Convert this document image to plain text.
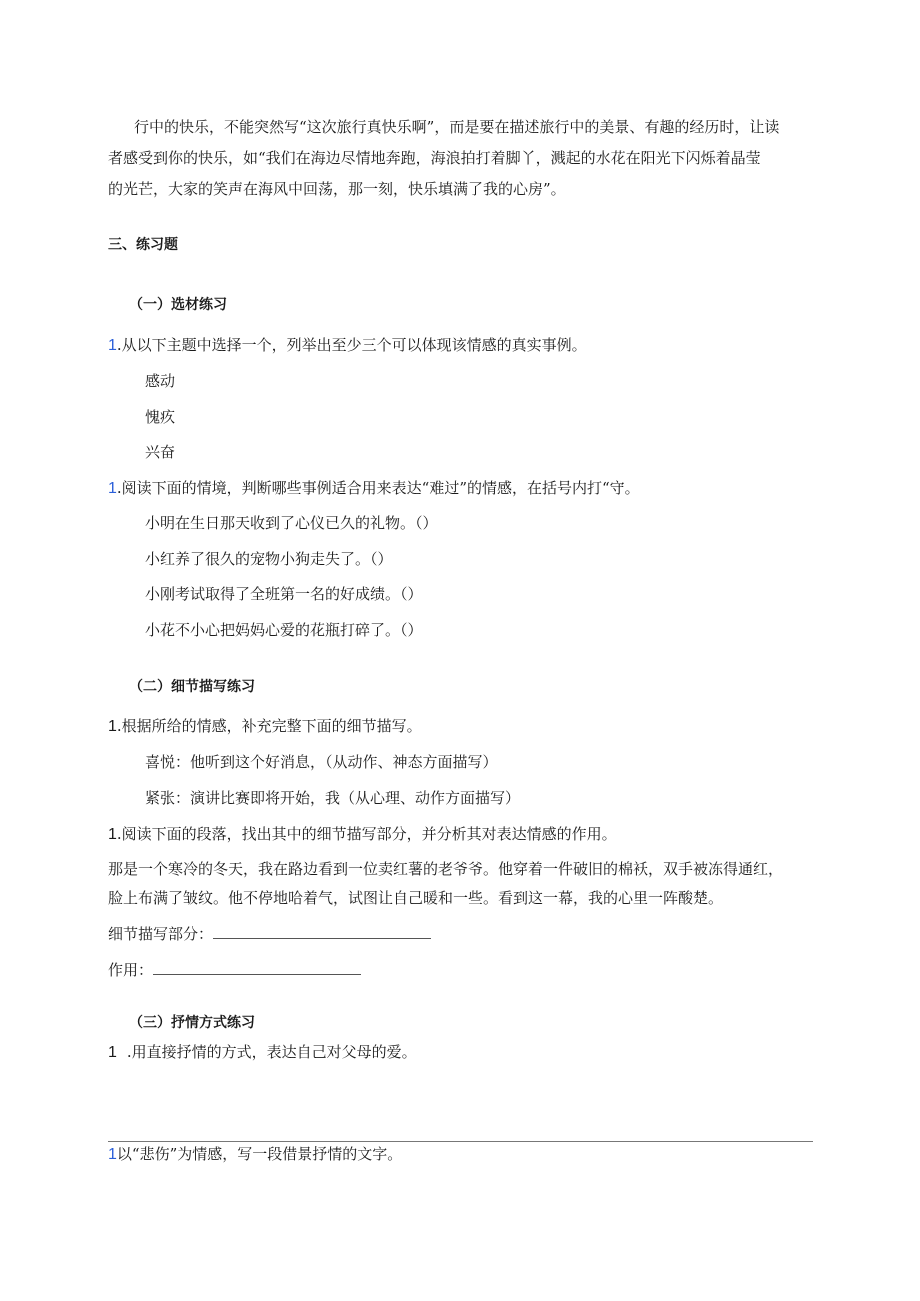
行中的快乐，不能突然写“这次旅行真快乐啊”，而是要在描述旅行中的美景、有趣的经历时，让读
者感受到你的快乐，如“我们在海边尽情地奔跑，海浪拍打着脚丫，溅起的水花在阳光下闪烁着晶莹
的光芒，大家的笑声在海风中回荡，那一刻，快乐填满了我的心房”。
三、练习题
（一）选材练习
1.从以下主题中选择一个，列举出至少三个可以体现该情感的真实事例。
感动
愧疚
兴奋
1.阅读下面的情境，判断哪些事例适合用来表达“难过”的情感，在括号内打“守。
小明在生日那天收到了心仪已久的礼物。（）
小红养了很久的宠物小狗走失了。（）
小刚考试取得了全班第一名的好成绩。（）
小花不小心把妈妈心爱的花瓶打碎了。（）
（二）细节描写练习
1.根据所给的情感，补充完整下面的细节描写。
喜悦：他听到这个好消息，（从动作、神态方面描写）
紧张：演讲比赛即将开始，我（从心理、动作方面描写）
1.阅读下面的段落，找出其中的细节描写部分，并分析其对表达情感的作用。
那是一个寒冷的冬天，我在路边看到一位卖红薯的老爷爷。他穿着一件破旧的棉袄，双手被冻得通红，
脸上布满了皱纹。他不停地哈着气，试图让自己暖和一些。看到这一幕，我的心里一阵酸楚。
细节描写部分：
作用：
（三）抒情方式练习
1 .用直接抒情的方式，表达自己对父母的爱。
1以“悲伤”为情感，写一段借景抒情的文字。
